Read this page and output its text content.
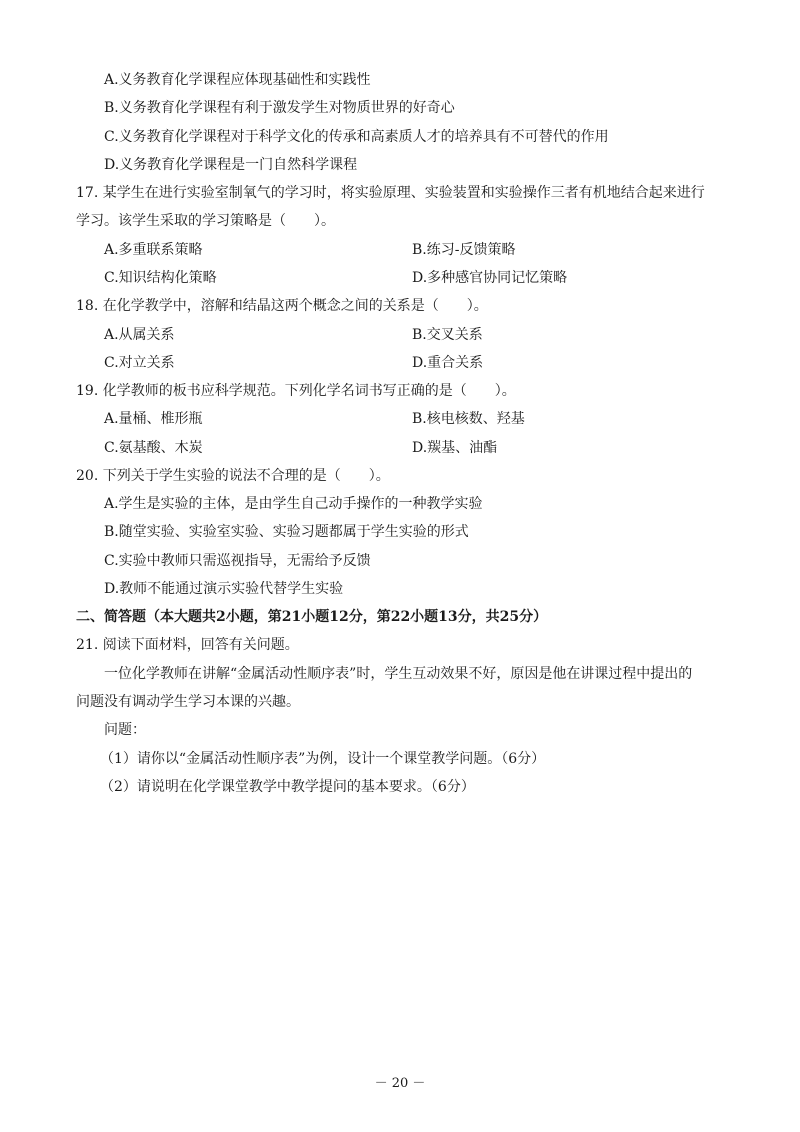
A.义务教育化学课程应体现基础性和实践性
B.义务教育化学课程有利于激发学生对物质世界的好奇心
C.义务教育化学课程对于科学文化的传承和高素质人才的培养具有不可替代的作用
D.义务教育化学课程是一门自然科学课程
17. 某学生在进行实验室制氧气的学习时，将实验原理、实验装置和实验操作三者有机地结合起来进行
学习。该学生采取的学习策略是（　　）。
A.多重联系策略	B.练习-反馈策略
C.知识结构化策略	D.多种感官协同记忆策略
18. 在化学教学中，溶解和结晶这两个概念之间的关系是（　　）。
A.从属关系	B.交叉关系
C.对立关系	D.重合关系
19. 化学教师的板书应科学规范。下列化学名词书写正确的是（　　）。
A.量桶、椎形瓶	B.核电核数、羟基
C.氨基酸、木炭	D.羰基、油酯
20. 下列关于学生实验的说法不合理的是（　　）。
A.学生是实验的主体，是由学生自己动手操作的一种教学实验
B.随堂实验、实验室实验、实验习题都属于学生实验的形式
C.实验中教师只需巡视指导，无需给予反馈
D.教师不能通过演示实验代替学生实验
二、简答题（本大题共2小题，第21小题12分，第22小题13分，共25分）
21. 阅读下面材料，回答有关问题。
一位化学教师在讲解“金属活动性顺序表”时，学生互动效果不好，原因是他在讲课过程中提出的
问题没有调动学生学习本课的兴趣。
问题：
（1）请你以“金属活动性顺序表”为例，设计一个课堂教学问题。（6分）
（2）请说明在化学课堂教学中教学提问的基本要求。（6分）
－ 20 －
